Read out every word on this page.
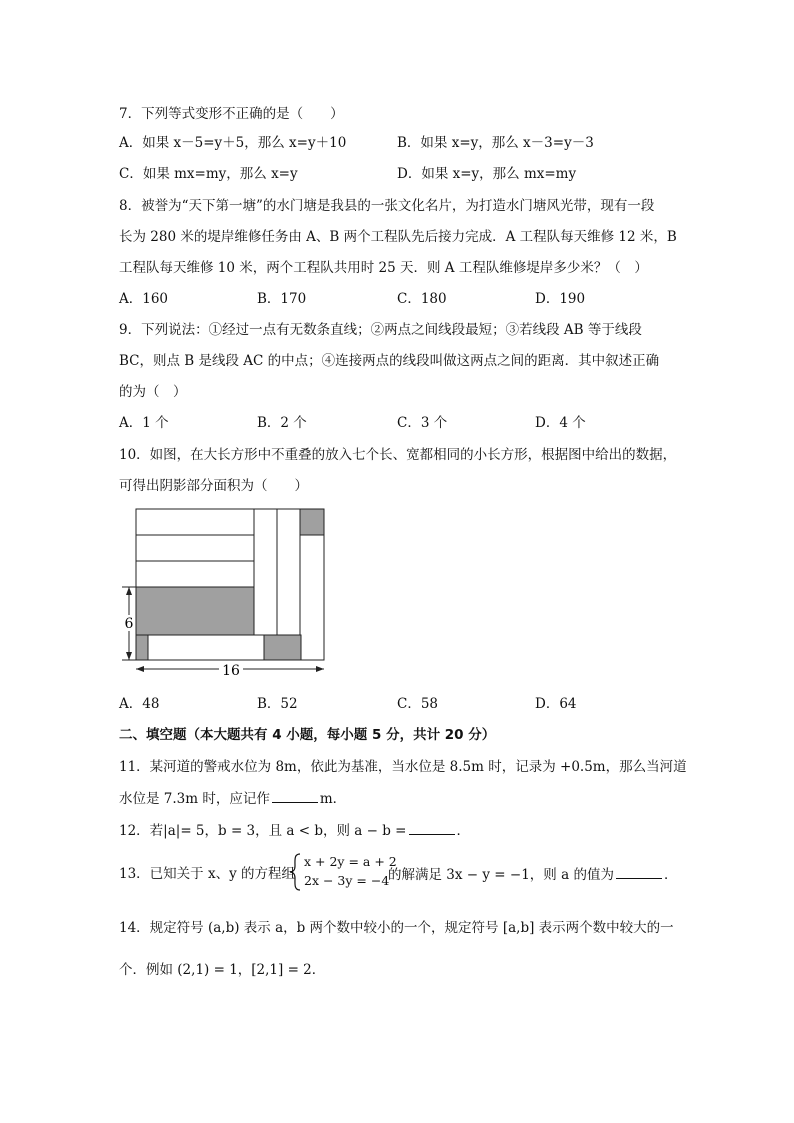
7．下列等式变形不正确的是（　　）
A．如果 x－5=y＋5，那么 x=y＋10	B．如果 x=y，那么 x－3=y－3
C．如果 mx=my，那么 x=y	D．如果 x=y，那么 mx=my
8．被誉为“天下第一塘”的水门塘是我县的一张文化名片，为打造水门塘风光带，现有一段
长为 280 米的堤岸维修任务由 A、B 两个工程队先后接力完成．A 工程队每天维修 12 米，B
工程队每天维修 10 米，两个工程队共用时 25 天．则 A 工程队维修堤岸多少米？（　）
A．160	B．170	C．180	D．190
9．下列说法：①经过一点有无数条直线；②两点之间线段最短；③若线段 AB 等于线段
BC，则点 B 是线段 AC 的中点；④连接两点的线段叫做这两点之间的距离．其中叙述正确
的为（　）
A．1 个	B．2 个	C．3 个	D．4 个
10．如图，在大长方形中不重叠的放入七个长、宽都相同的小长方形，根据图中给出的数据，
可得出阴影部分面积为（　　）
6
16
A．48	B．52	C．58	D．64
二、填空题（本大题共有 4 小题，每小题 5 分，共计 20 分）
11．某河道的警戒水位为 8m，依此为基准，当水位是 8.5m 时，记录为 +0.5m，那么当河道
水位是 7.3m 时，应记作	m．
12．若|a|= 5，b = 3，且 a < b，则 a − b =	．
13．已知关于 x、y 的方程组
x + 2y = a + 2
2x − 3y = −4
的解满足 3x − y = −1，则 a 的值为	．
14．规定符号 (a,b) 表示 a，b 两个数中较小的一个，规定符号 [a,b] 表示两个数中较大的一
个．例如 (2,1) = 1，[2,1] = 2．
